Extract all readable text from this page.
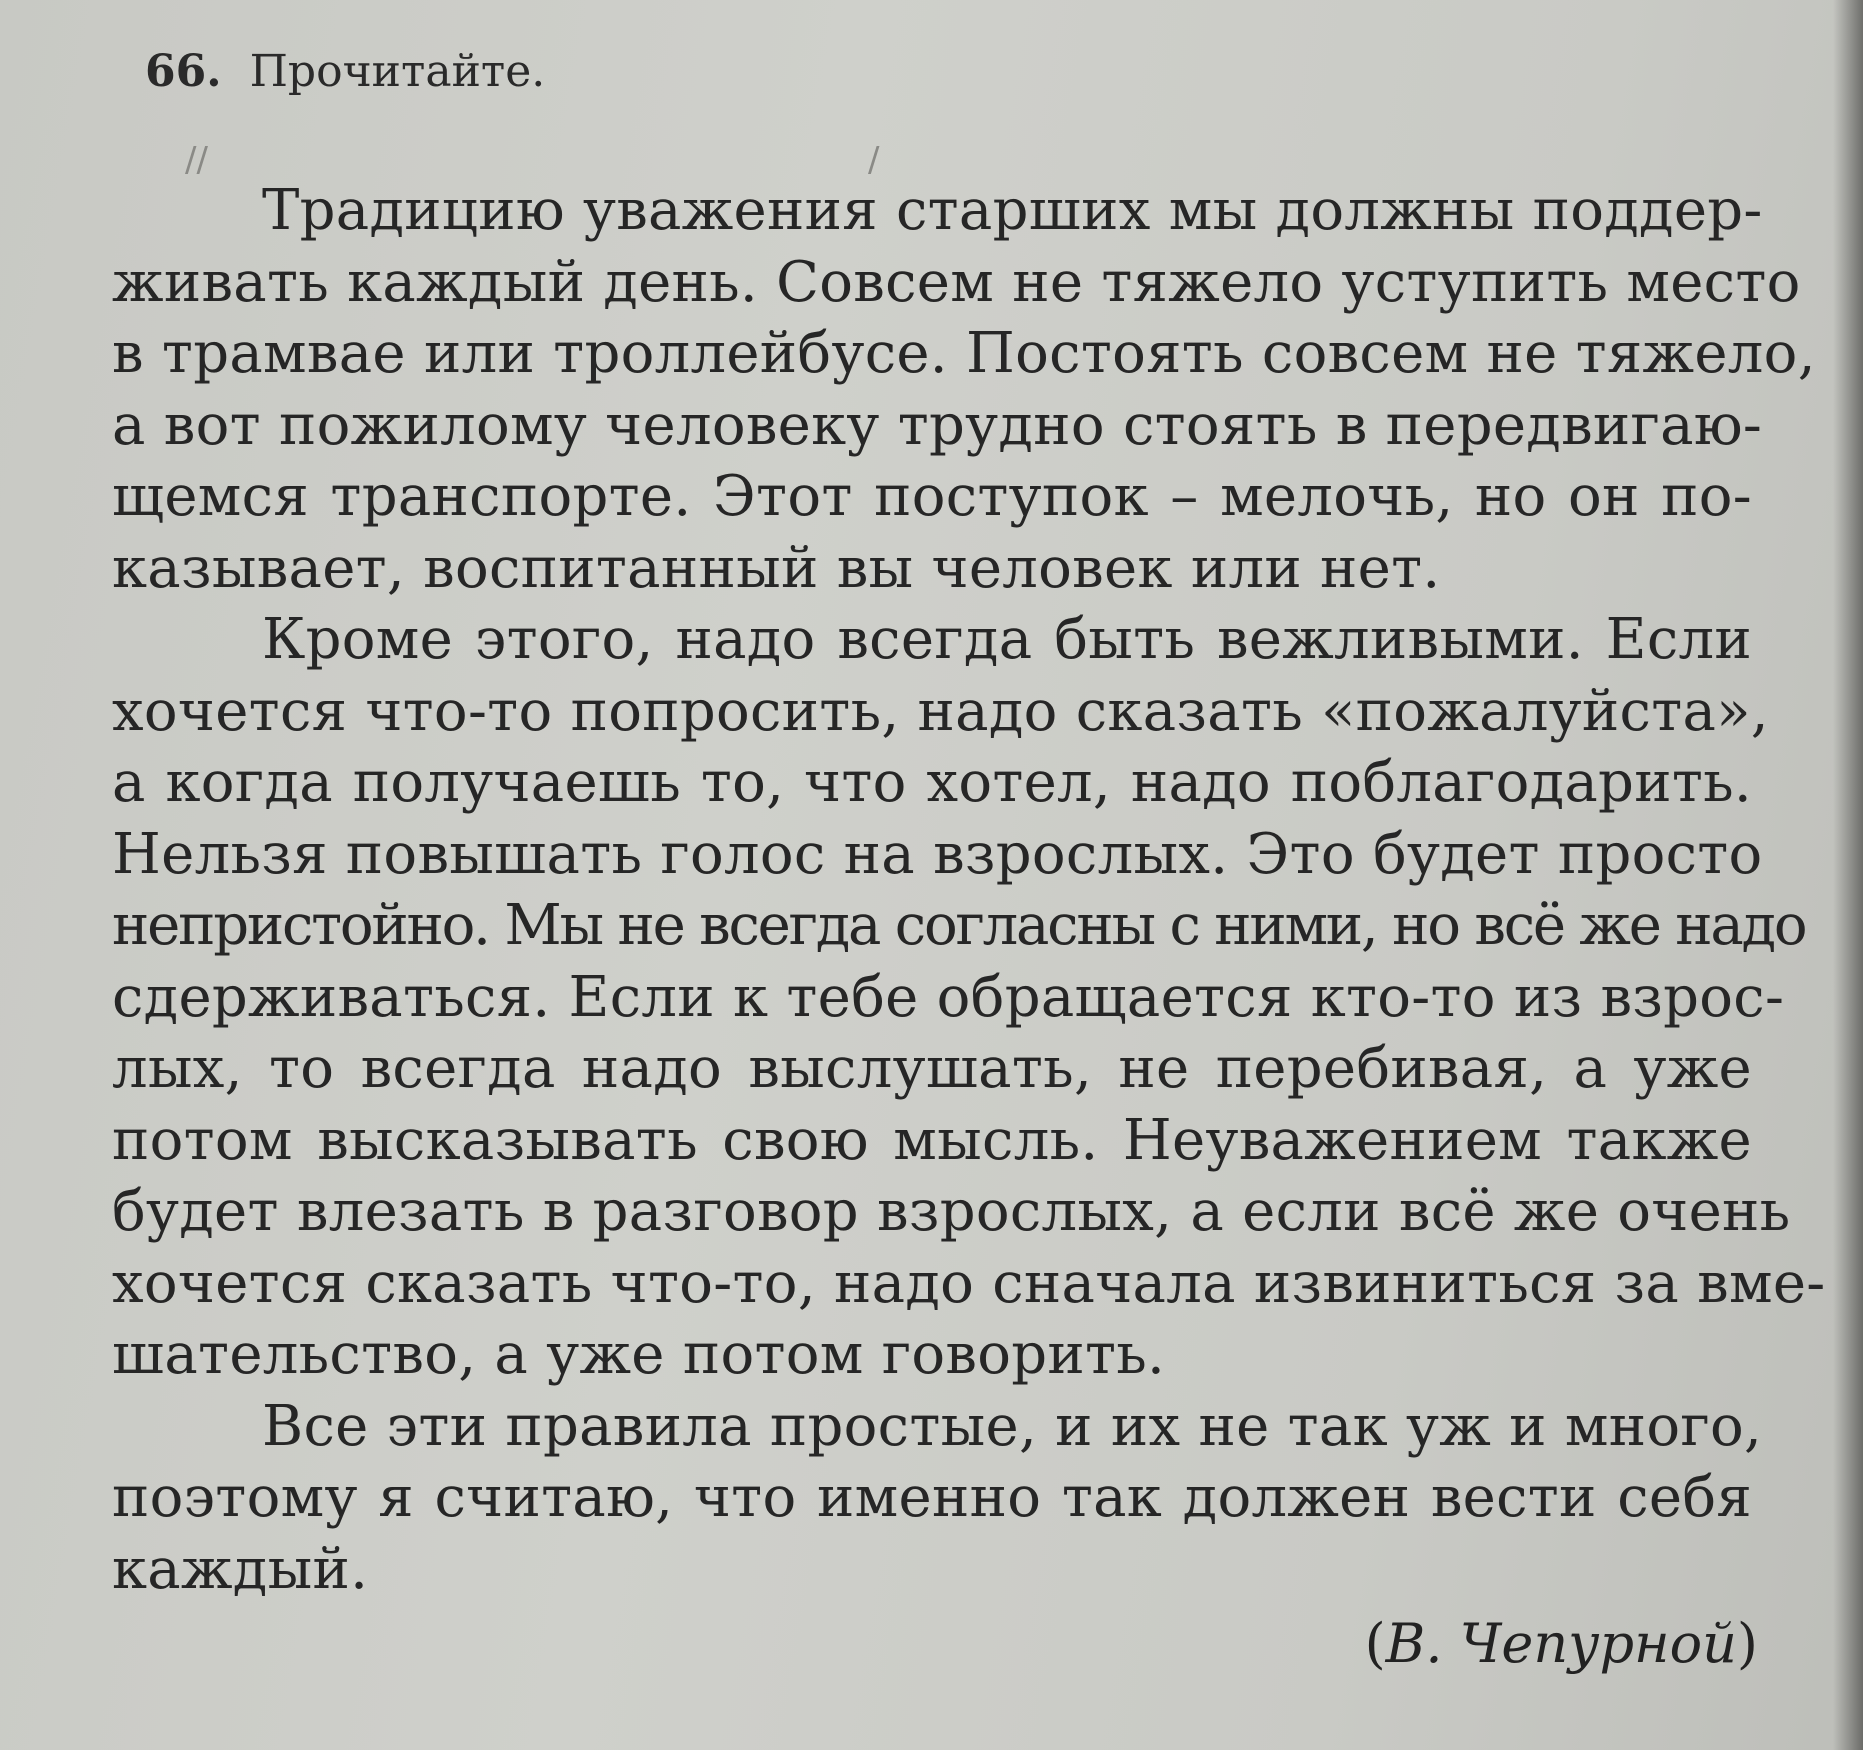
66. Прочитайте.
//	/
Традицию уважения старших мы должны поддер-
живать каждый день. Совсем не тяжело уступить место
в трамвае или троллейбусе. Постоять совсем не тяжело,
а вот пожилому человеку трудно стоять в передвигаю-
щемся транспорте. Этот поступок – мелочь, но он по-
казывает, воспитанный вы человек или нет.
Кроме этого, надо всегда быть вежливыми. Если
хочется что-то попросить, надо сказать «пожалуйста»,
а когда получаешь то, что хотел, надо поблагодарить.
Нельзя повышать голос на взрослых. Это будет просто
непристойно. Мы не всегда согласны с ними, но всё же надо
сдерживаться. Если к тебе обращается кто-то из взрос-
лых, то всегда надо выслушать, не перебивая, а уже
потом высказывать свою мысль. Неуважением также
будет влезать в разговор взрослых, а если всё же очень
хочется сказать что-то, надо сначала извиниться за вме-
шательство, а уже потом говорить.
Все эти правила простые, и их не так уж и много,
поэтому я считаю, что именно так должен вести себя
каждый.
(В. Чепурной)
